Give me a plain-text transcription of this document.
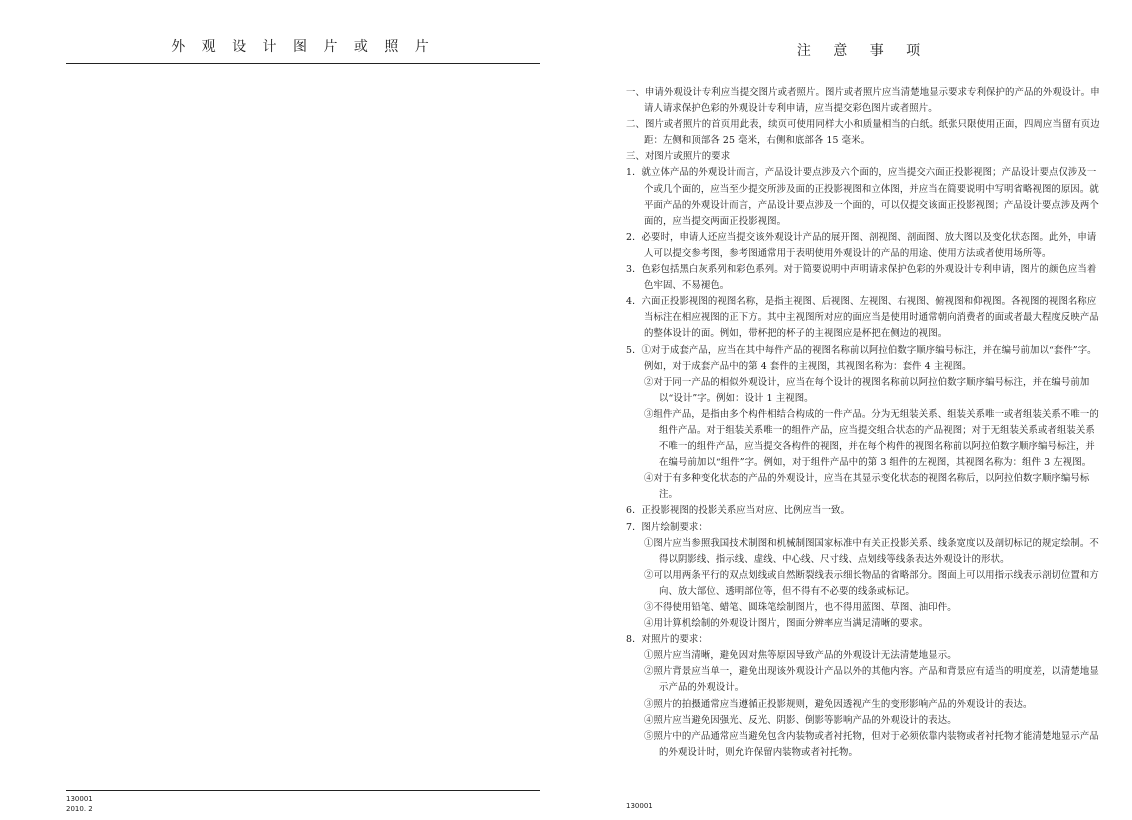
外 观 设 计 图 片 或 照 片
130001
2010. 2
注 意 事 项

一、申请外观设计专利应当提交图片或者照片。图片或者照片应当清楚地显示要求专利保护的产品的外观设计。申请人请求保护色彩的外观设计专利申请，应当提交彩色图片或者照片。

二、图片或者照片的首页用此表，续页可使用同样大小和质量相当的白纸。纸张只限使用正面，四周应当留有页边距：左侧和顶部各 25 毫米，右侧和底部各 15 毫米。

三、对图片或照片的要求

1．就立体产品的外观设计而言，产品设计要点涉及六个面的，应当提交六面正投影视图；产品设计要点仅涉及一个或几个面的，应当至少提交所涉及面的正投影视图和立体图，并应当在简要说明中写明省略视图的原因。就平面产品的外观设计而言，产品设计要点涉及一个面的，可以仅提交该面正投影视图；产品设计要点涉及两个面的，应当提交两面正投影视图。

2．必要时，申请人还应当提交该外观设计产品的展开图、剖视图、剖面图、放大图以及变化状态图。此外，申请人可以提交参考图，参考图通常用于表明使用外观设计的产品的用途、使用方法或者使用场所等。

3．色彩包括黑白灰系列和彩色系列。对于简要说明中声明请求保护色彩的外观设计专利申请，图片的颜色应当着色牢固、不易褪色。

4．六面正投影视图的视图名称，是指主视图、后视图、左视图、右视图、俯视图和仰视图。各视图的视图名称应当标注在相应视图的正下方。其中主视图所对应的面应当是使用时通常朝向消费者的面或者最大程度反映产品的整体设计的面。例如，带杯把的杯子的主视图应是杯把在侧边的视图。

5．①对于成套产品，应当在其中每件产品的视图名称前以阿拉伯数字顺序编号标注，并在编号前加以“套件”字。例如，对于成套产品中的第 4 套件的主视图，其视图名称为：套件 4 主视图。

②对于同一产品的相似外观设计，应当在每个设计的视图名称前以阿拉伯数字顺序编号标注，并在编号前加以“设计”字。例如：设计 1 主视图。

③组件产品，是指由多个构件相结合构成的一件产品。分为无组装关系、组装关系唯一或者组装关系不唯一的组件产品。对于组装关系唯一的组件产品，应当提交组合状态的产品视图；对于无组装关系或者组装关系不唯一的组件产品，应当提交各构件的视图，并在每个构件的视图名称前以阿拉伯数字顺序编号标注，并在编号前加以“组件”字。例如，对于组件产品中的第 3 组件的左视图，其视图名称为：组件 3 左视图。

④对于有多种变化状态的产品的外观设计，应当在其显示变化状态的视图名称后，以阿拉伯数字顺序编号标注。

6．正投影视图的投影关系应当对应、比例应当一致。

7．图片绘制要求：

①图片应当参照我国技术制图和机械制图国家标准中有关正投影关系、线条宽度以及剖切标记的规定绘制。不得以阴影线、指示线、虚线、中心线、尺寸线、点划线等线条表达外观设计的形状。

②可以用两条平行的双点划线或自然断裂线表示细长物品的省略部分。图面上可以用指示线表示剖切位置和方向、放大部位、透明部位等，但不得有不必要的线条或标记。

③不得使用铅笔、蜡笔、圆珠笔绘制图片，也不得用蓝图、草图、油印件。

④用计算机绘制的外观设计图片，图面分辨率应当满足清晰的要求。

8．对照片的要求：

①照片应当清晰，避免因对焦等原因导致产品的外观设计无法清楚地显示。

②照片背景应当单一，避免出现该外观设计产品以外的其他内容。产品和背景应有适当的明度差，以清楚地显示产品的外观设计。

③照片的拍摄通常应当遵循正投影规则，避免因透视产生的变形影响产品的外观设计的表达。

④照片应当避免因强光、反光、阴影、倒影等影响产品的外观设计的表达。

⑤照片中的产品通常应当避免包含内装物或者衬托物，但对于必须依靠内装物或者衬托物才能清楚地显示产品的外观设计时，则允许保留内装物或者衬托物。

130001
